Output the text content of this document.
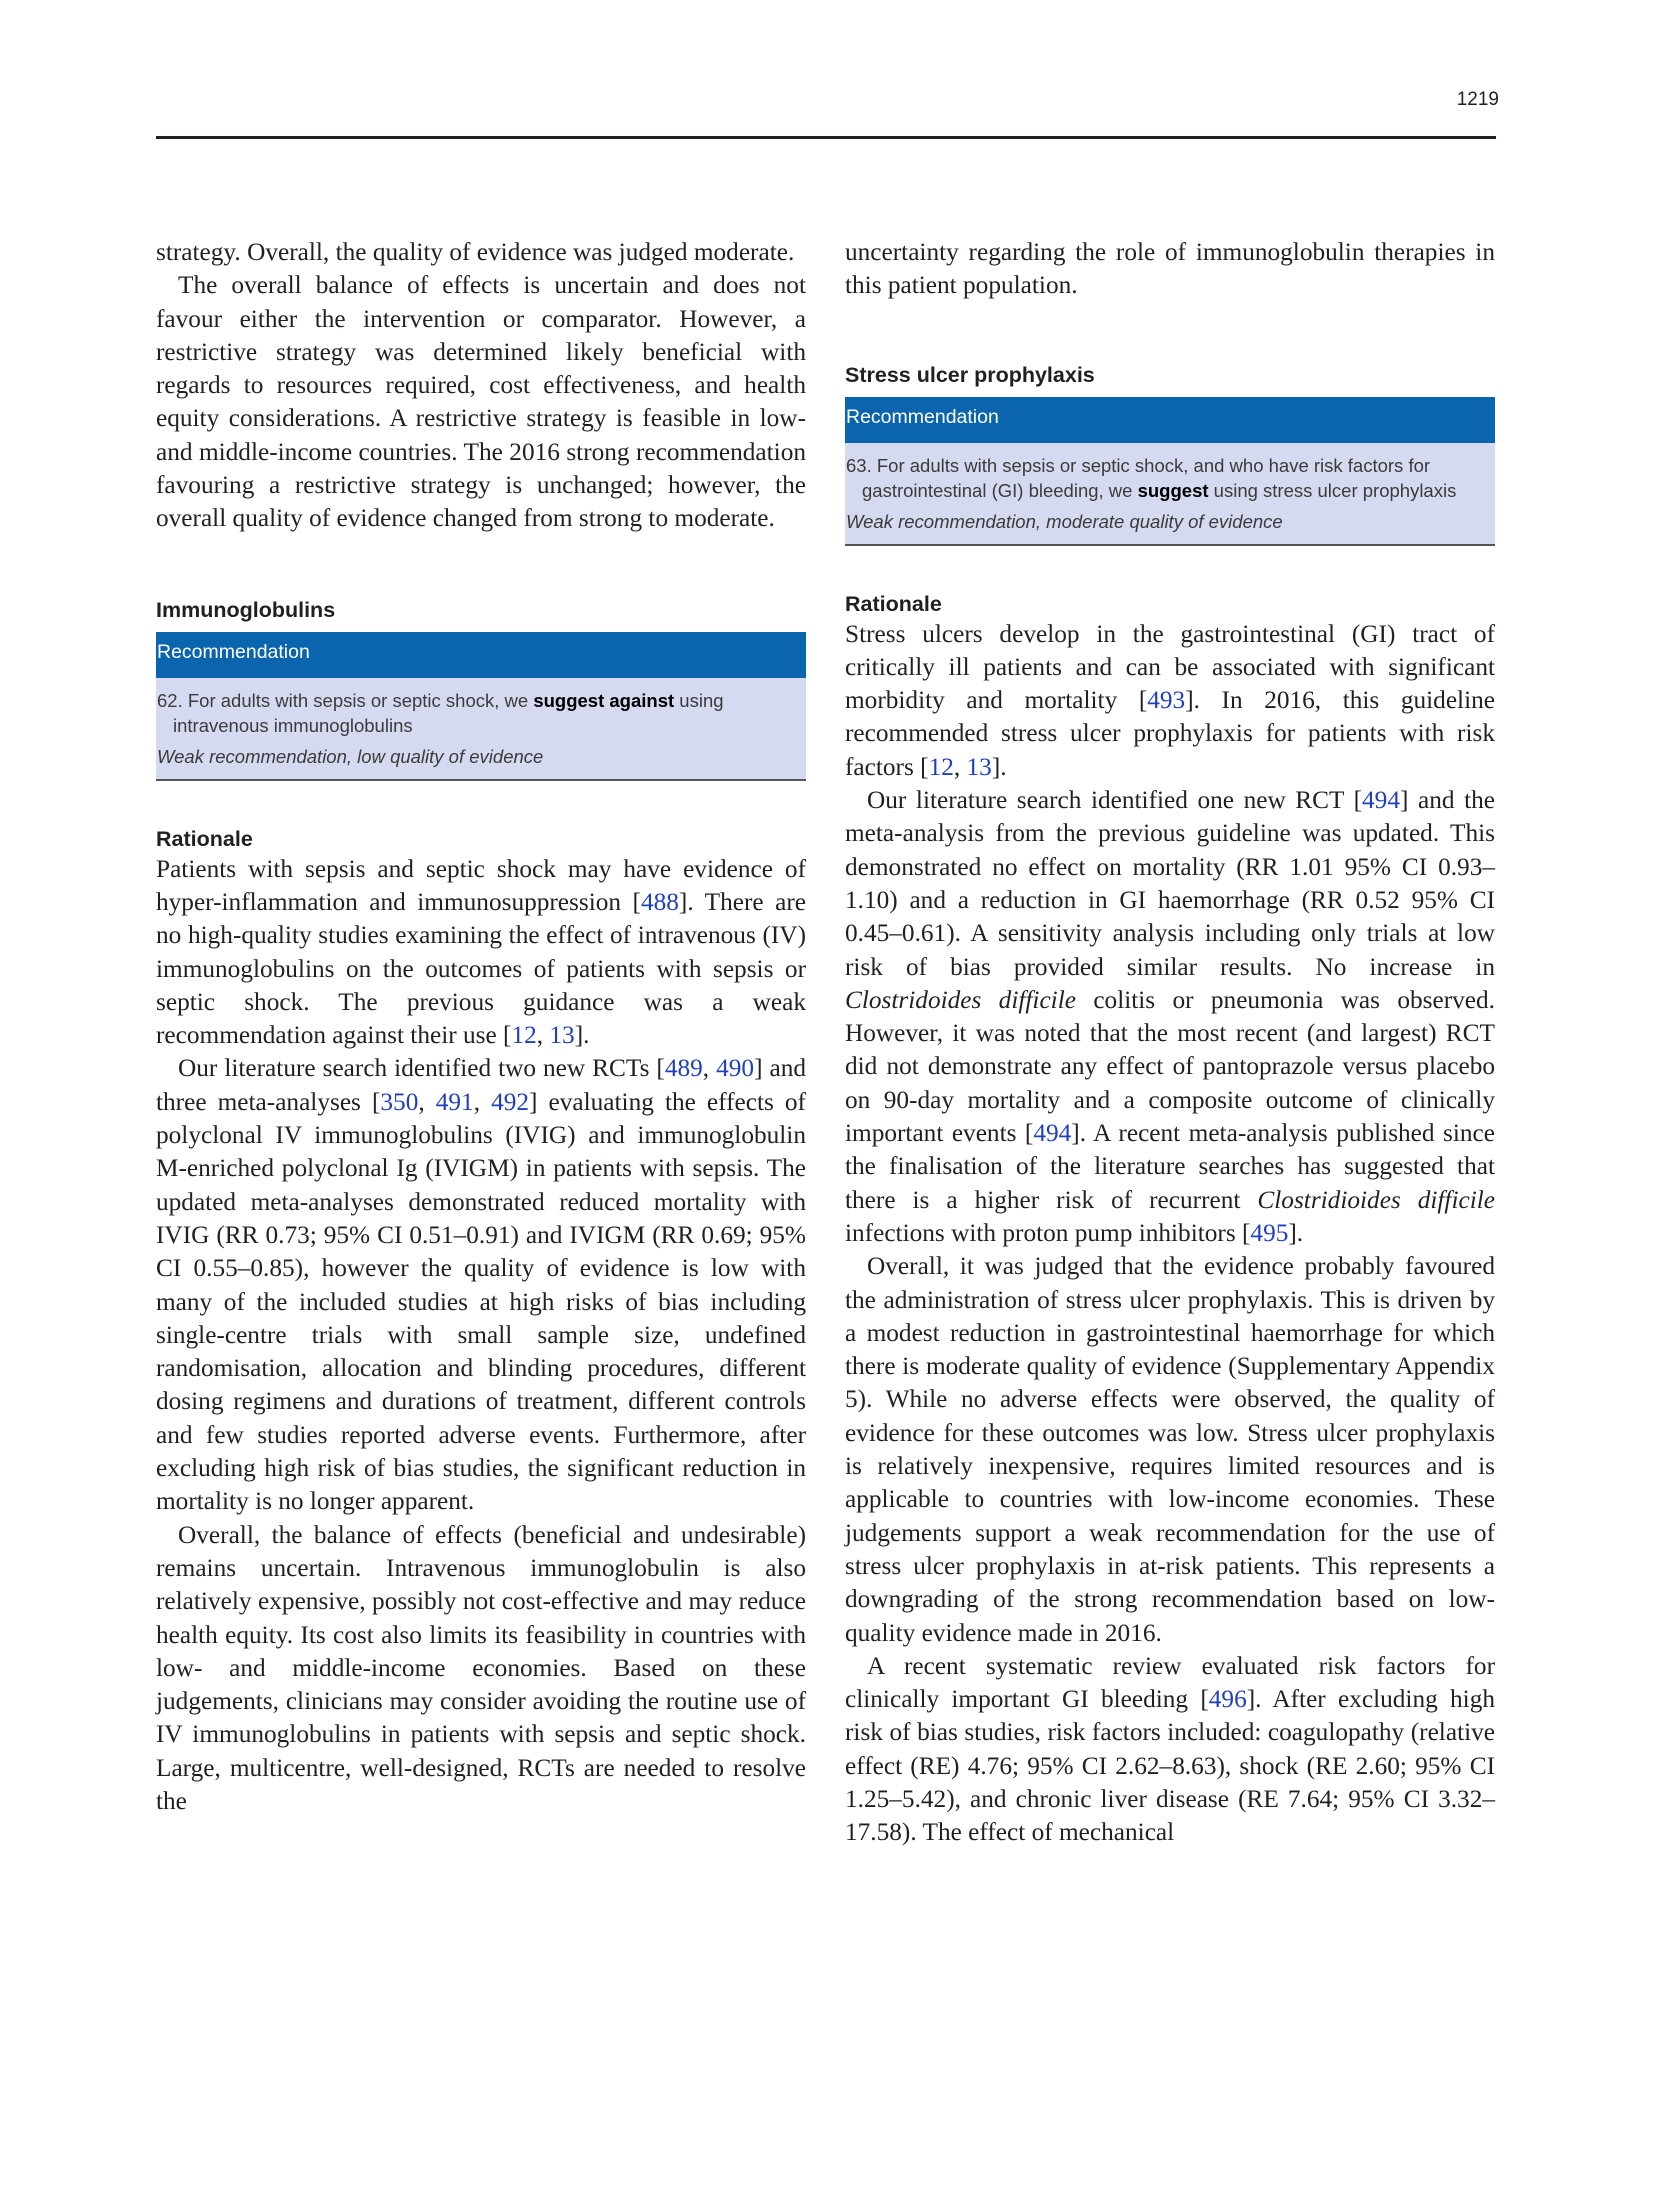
1219

strategy. Overall, the quality of evidence was judged moderate.

The overall balance of effects is uncertain and does not favour either the intervention or comparator. However, a restrictive strategy was determined likely beneficial with regards to resources required, cost effectiveness, and health equity considerations. A restrictive strategy is feasible in low- and middle-income countries. The 2016 strong recommendation favouring a restrictive strategy is unchanged; however, the overall quality of evidence changed from strong to moderate.

Immunoglobulins
Recommendation
62. For adults with sepsis or septic shock, we suggest against using intravenous immunoglobulins
Weak recommendation, low quality of evidence
Rationale

Patients with sepsis and septic shock may have evidence of hyper-inflammation and immunosuppression [488]. There are no high-quality studies examining the effect of intravenous (IV) immunoglobulins on the outcomes of patients with sepsis or septic shock. The previous guidance was a weak recommendation against their use [12, 13].

Our literature search identified two new RCTs [489, 490] and three meta-analyses [350, 491, 492] evaluating the effects of polyclonal IV immunoglobulins (IVIG) and immunoglobulin M-enriched polyclonal Ig (IVIGM) in patients with sepsis. The updated meta-analyses demonstrated reduced mortality with IVIG (RR 0.73; 95% CI 0.51–0.91) and IVIGM (RR 0.69; 95% CI 0.55–0.85), however the quality of evidence is low with many of the included studies at high risks of bias including single-centre trials with small sample size, undefined randomisation, allocation and blinding procedures, different dosing regimens and durations of treatment, different controls and few studies reported adverse events. Furthermore, after excluding high risk of bias studies, the significant reduction in mortality is no longer apparent.

Overall, the balance of effects (beneficial and undesirable) remains uncertain. Intravenous immunoglobulin is also relatively expensive, possibly not cost-effective and may reduce health equity. Its cost also limits its feasibility in countries with low- and middle-income economies. Based on these judgements, clinicians may consider avoiding the routine use of IV immunoglobulins in patients with sepsis and septic shock. Large, multicentre, well-designed, RCTs are needed to resolve the

uncertainty regarding the role of immunoglobulin therapies in this patient population.

Stress ulcer prophylaxis
Recommendation
63. For adults with sepsis or septic shock, and who have risk factors for gastrointestinal (GI) bleeding, we suggest using stress ulcer prophylaxis
Weak recommendation, moderate quality of evidence
Rationale

Stress ulcers develop in the gastrointestinal (GI) tract of critically ill patients and can be associated with significant morbidity and mortality [493]. In 2016, this guideline recommended stress ulcer prophylaxis for patients with risk factors [12, 13].

Our literature search identified one new RCT [494] and the meta-analysis from the previous guideline was updated. This demonstrated no effect on mortality (RR 1.01 95% CI 0.93–1.10) and a reduction in GI haemorrhage (RR 0.52 95% CI 0.45–0.61). A sensitivity analysis including only trials at low risk of bias provided similar results. No increase in Clostridoides difficile colitis or pneumonia was observed. However, it was noted that the most recent (and largest) RCT did not demonstrate any effect of pantoprazole versus placebo on 90-day mortality and a composite outcome of clinically important events [494]. A recent meta-analysis published since the finalisation of the literature searches has suggested that there is a higher risk of recurrent Clostridioides difficile infections with proton pump inhibitors [495].

Overall, it was judged that the evidence probably favoured the administration of stress ulcer prophylaxis. This is driven by a modest reduction in gastrointestinal haemorrhage for which there is moderate quality of evidence (Supplementary Appendix 5). While no adverse effects were observed, the quality of evidence for these outcomes was low. Stress ulcer prophylaxis is relatively inexpensive, requires limited resources and is applicable to countries with low-income economies. These judgements support a weak recommendation for the use of stress ulcer prophylaxis in at-risk patients. This represents a downgrading of the strong recommendation based on low-quality evidence made in 2016.

A recent systematic review evaluated risk factors for clinically important GI bleeding [496]. After excluding high risk of bias studies, risk factors included: coagulopathy (relative effect (RE) 4.76; 95% CI 2.62–8.63), shock (RE 2.60; 95% CI 1.25–5.42), and chronic liver disease (RE 7.64; 95% CI 3.32–17.58). The effect of mechanical
